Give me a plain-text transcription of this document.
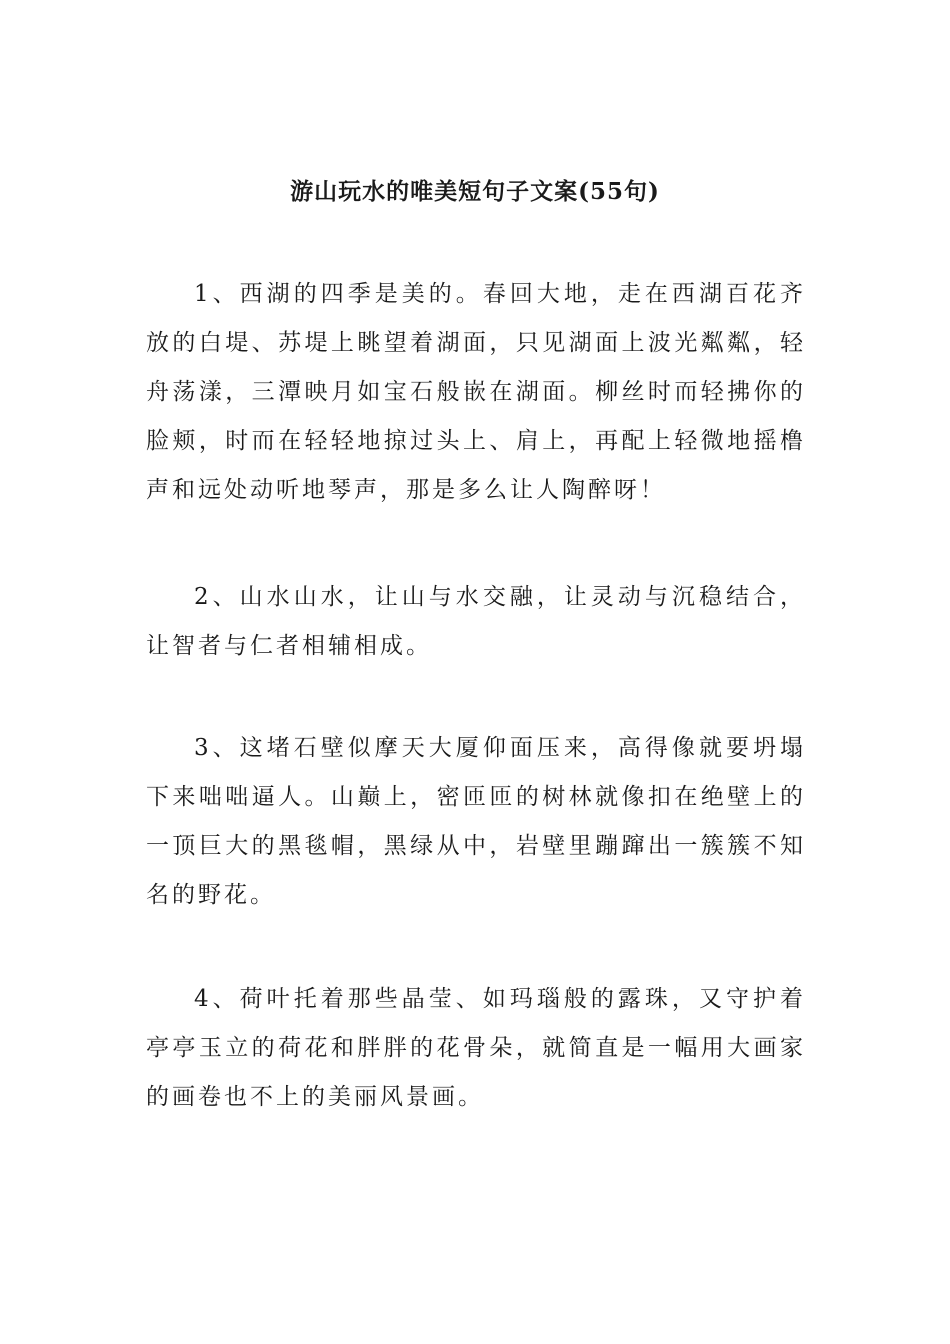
游山玩水的唯美短句子文案(55句)

1、西湖的四季是美的。春回大地，走在西湖百花齐放的白堤、苏堤上眺望着湖面，只见湖面上波光粼粼，轻舟荡漾，三潭映月如宝石般嵌在湖面。柳丝时而轻拂你的脸颊，时而在轻轻地掠过头上、肩上，再配上轻微地摇橹声和远处动听地琴声，那是多么让人陶醉呀！

2、山水山水，让山与水交融，让灵动与沉稳结合，让智者与仁者相辅相成。

3、这堵石壁似摩天大厦仰面压来，高得像就要坍塌下来咄咄逼人。山巅上，密匝匝的树林就像扣在绝壁上的一顶巨大的黑毯帽，黑绿从中，岩壁里蹦蹿出一簇簇不知名的野花。

4、荷叶托着那些晶莹、如玛瑙般的露珠，又守护着亭亭玉立的荷花和胖胖的花骨朵，就简直是一幅用大画家的画卷也不上的美丽风景画。
